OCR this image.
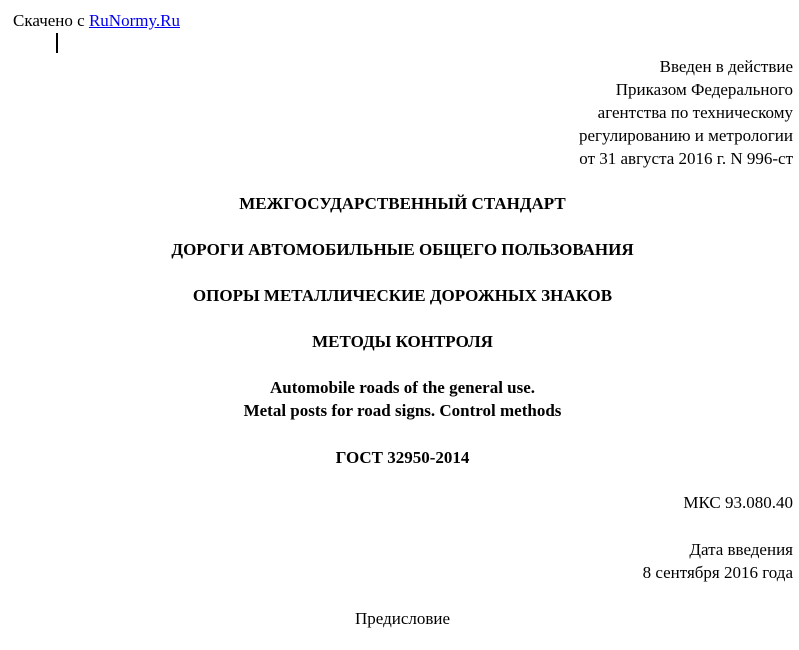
Скачено с RuNormy.Ru
Введен в действие
Приказом Федерального
агентства по техническому
регулированию и метрологии
от 31 августа 2016 г. N 996-ст
МЕЖГОСУДАРСТВЕННЫЙ СТАНДАРТ
ДОРОГИ АВТОМОБИЛЬНЫЕ ОБЩЕГО ПОЛЬЗОВАНИЯ
ОПОРЫ МЕТАЛЛИЧЕСКИЕ ДОРОЖНЫХ ЗНАКОВ
МЕТОДЫ КОНТРОЛЯ
Automobile roads of the general use.
Metal posts for road signs. Control methods
ГОСТ 32950-2014
МКС 93.080.40
Дата введения
8 сентября 2016 года
Предисловие
